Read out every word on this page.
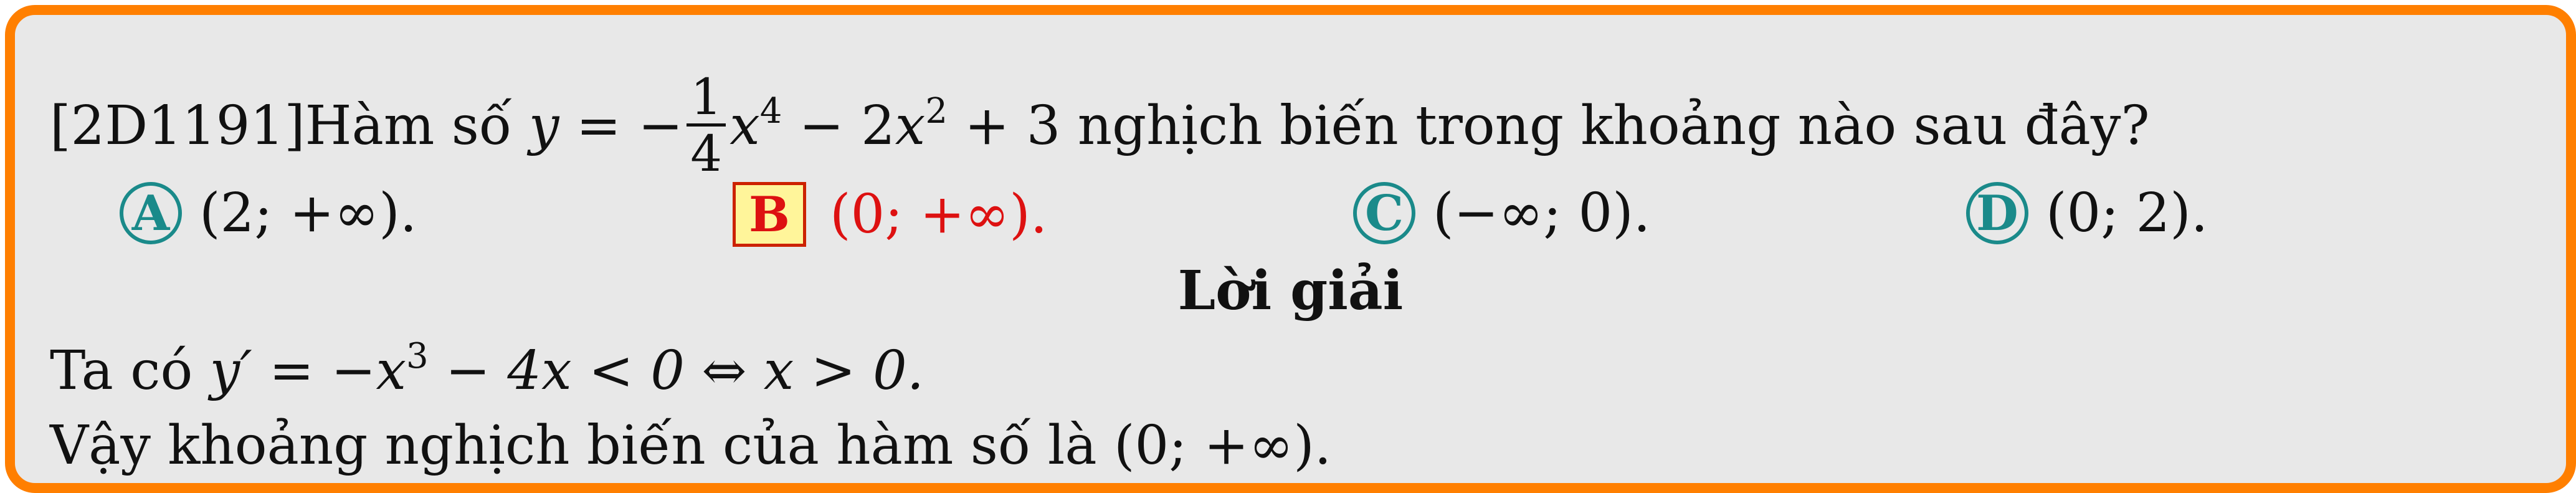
[2D1191]Hàm số y = − $\frac{1}{4} x^4 - 2x^2 + 3$ nghịch biến trong khoảng nào sau đây?
A (2; +∞).	B (0; +∞).	C (−∞; 0).	D (0; 2).
Lời giải
Ta có $y' = -x^3 - 4x < 0$ ⇔ x > 0.
Vậy khoảng nghịch biến của hàm số là (0; +∞).
